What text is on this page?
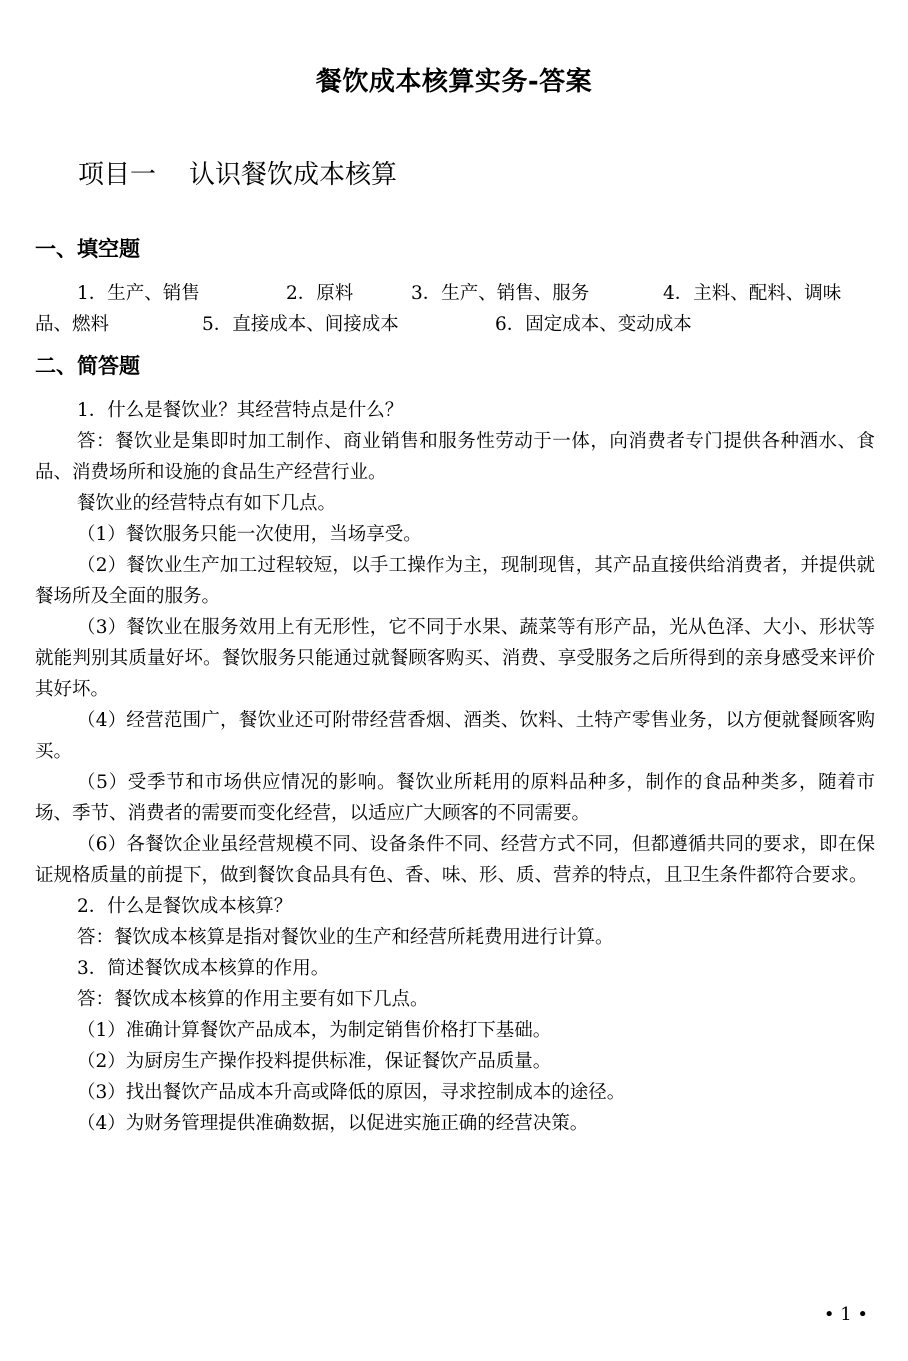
餐饮成本核算实务-答案
项目一    认识餐饮成本核算
一、填空题
1．生产、销售	2．原料	3．生产、销售、服务	4．主料、配料、调味
品、燃料	5．直接成本、间接成本	6．固定成本、变动成本
二、简答题

1．什么是餐饮业？其经营特点是什么？

答：餐饮业是集即时加工制作、商业销售和服务性劳动于一体，向消费者专门提供各种酒水、食品、消费场所和设施的食品生产经营行业。

餐饮业的经营特点有如下几点。

（1）餐饮服务只能一次使用，当场享受。

（2）餐饮业生产加工过程较短，以手工操作为主，现制现售，其产品直接供给消费者，并提供就餐场所及全面的服务。

（3）餐饮业在服务效用上有无形性，它不同于水果、蔬菜等有形产品，光从色泽、大小、形状等就能判别其质量好坏。餐饮服务只能通过就餐顾客购买、消费、享受服务之后所得到的亲身感受来评价其好坏。

（4）经营范围广，餐饮业还可附带经营香烟、酒类、饮料、土特产零售业务，以方便就餐顾客购买。

（5）受季节和市场供应情况的影响。餐饮业所耗用的原料品种多，制作的食品种类多，随着市场、季节、消费者的需要而变化经营，以适应广大顾客的不同需要。

（6）各餐饮企业虽经营规模不同、设备条件不同、经营方式不同，但都遵循共同的要求，即在保证规格质量的前提下，做到餐饮食品具有色、香、味、形、质、营养的特点，且卫生条件都符合要求。

2．什么是餐饮成本核算？

答：餐饮成本核算是指对餐饮业的生产和经营所耗费用进行计算。

3．简述餐饮成本核算的作用。

答：餐饮成本核算的作用主要有如下几点。

（1）准确计算餐饮产品成本，为制定销售价格打下基础。

（2）为厨房生产操作投料提供标准，保证餐饮产品质量。

（3）找出餐饮产品成本升高或降低的原因，寻求控制成本的途径。

（4）为财务管理提供准确数据，以促进实施正确的经营决策。

• 1 •
